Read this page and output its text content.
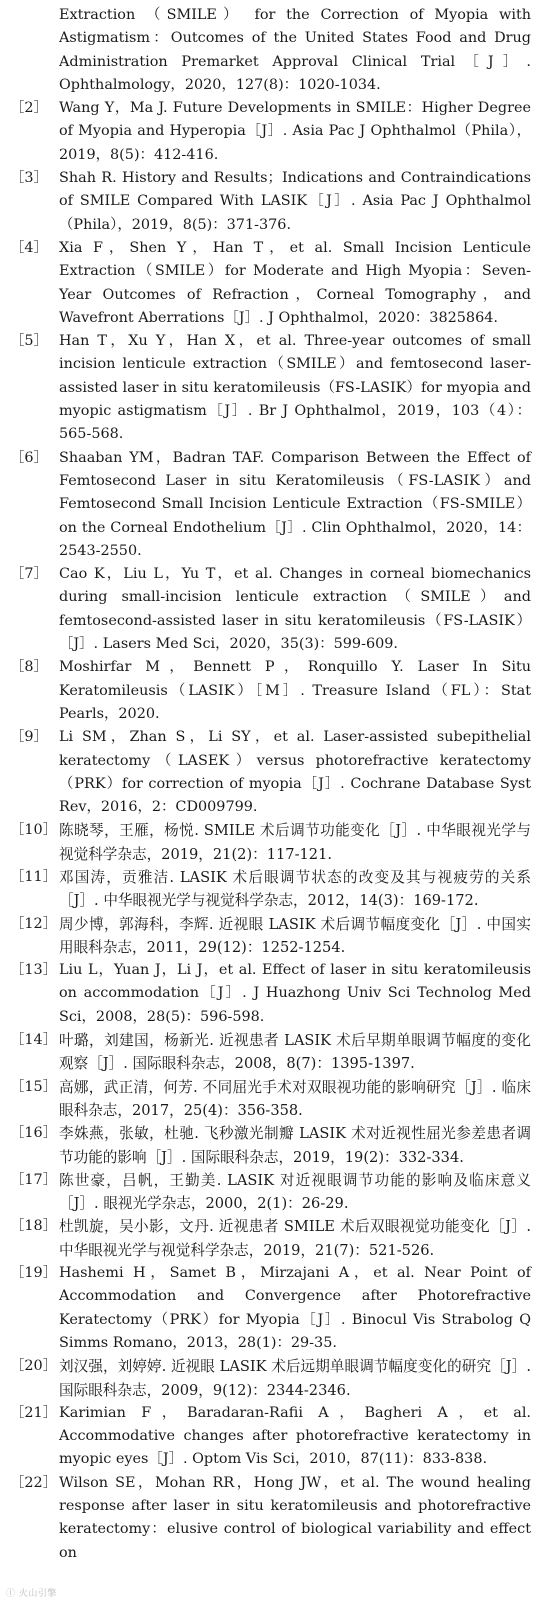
Extraction （SMILE） for the Correction of Myopia with Astigmatism：Outcomes of the United States Food and Drug Administration Premarket Approval Clinical Trial［J］. Ophthalmology，2020，127(8)：1020-1034.
［2］ Wang Y，Ma J. Future Developments in SMILE：Higher Degree of Myopia and Hyperopia［J］. Asia Pac J Ophthalmol（Phila），2019，8(5)：412-416.
［3］ Shah R. History and Results；Indications and Contraindications of SMILE Compared With LASIK［J］. Asia Pac J Ophthalmol（Phila），2019，8(5)：371-376.
［4］ Xia F，Shen Y，Han T，et al. Small Incision Lenticule Extraction（SMILE）for Moderate and High Myopia：Seven-Year Outcomes of Refraction，Corneal Tomography，and Wavefront Aberrations［J］. J Ophthalmol，2020：3825864.
［5］ Han T，Xu Y，Han X，et al. Three-year outcomes of small incision lenticule extraction（SMILE）and femtosecond laser-assisted laser in situ keratomileusis（FS-LASIK）for myopia and myopic astigmatism［J］. Br J Ophthalmol，2019，103（4）：565-568.
［6］ Shaaban YM，Badran TAF. Comparison Between the Effect of Femtosecond Laser in situ Keratomileusis（FS-LASIK）and Femtosecond Small Incision Lenticule Extraction（FS-SMILE）on the Corneal Endothelium［J］. Clin Ophthalmol，2020，14：2543-2550.
［7］ Cao K，Liu L，Yu T，et al. Changes in corneal biomechanics during small-incision lenticule extraction（SMILE）and femtosecond-assisted laser in situ keratomileusis（FS-LASIK）［J］. Lasers Med Sci，2020，35(3)：599-609.
［8］ Moshirfar M，Bennett P，Ronquillo Y. Laser In Situ Keratomileusis（LASIK）［M］. Treasure Island（FL）：Stat Pearls，2020.
［9］ Li SM，Zhan S，Li SY，et al. Laser-assisted subepithelial keratectomy（LASEK）versus photorefractive keratectomy（PRK）for correction of myopia［J］. Cochrane Database Syst Rev，2016，2：CD009799.
［10］ 陈晓琴，王雁，杨悦. SMILE 术后调节功能变化［J］. 中华眼视光学与视觉科学杂志，2019，21(2)：117-121.
［11］ 邓国涛，贡雅洁. LASIK 术后眼调节状态的改变及其与视疲劳的关系［J］. 中华眼视光学与视觉科学杂志，2012，14(3)：169-172.
［12］ 周少博，郭海科，李辉. 近视眼 LASIK 术后调节幅度变化［J］. 中国实用眼科杂志，2011，29(12)：1252-1254.
［13］ Liu L，Yuan J，Li J，et al. Effect of laser in situ keratomileusis on accommodation［J］. J Huazhong Univ Sci Technolog Med Sci，2008，28(5)：596-598.
［14］ 叶璐，刘建国，杨新光. 近视患者 LASIK 术后早期单眼调节幅度的变化观察［J］. 国际眼科杂志，2008，8(7)：1395-1397.
［15］ 高娜，武正清，何芳. 不同屈光手术对双眼视功能的影响研究［J］. 临床眼科杂志，2017，25(4)：356-358.
［16］ 李姝燕，张敏，杜驰. 飞秒激光制瓣 LASIK 术对近视性屈光参差患者调节功能的影响［J］. 国际眼科杂志，2019，19(2)：332-334.
［17］ 陈世豪，吕帆，王勤美. LASIK 对近视眼调节功能的影响及临床意义［J］. 眼视光学杂志，2000，2(1)：26-29.
［18］ 杜凯旋，吴小影，文丹. 近视患者 SMILE 术后双眼视觉功能变化［J］. 中华眼视光学与视觉科学杂志，2019，21(7)：521-526.
［19］ Hashemi H，Samet B，Mirzajani A，et al. Near Point of Accommodation and Convergence after Photorefractive Keratectomy（PRK）for Myopia［J］. Binocul Vis Strabolog Q Simms Romano，2013，28(1)：29-35.
［20］ 刘汉强，刘婷婷. 近视眼 LASIK 术后远期单眼调节幅度变化的研究［J］. 国际眼科杂志，2009，9(12)：2344-2346.
［21］ Karimian F，Baradaran-Rafii A，Bagheri A，et al. Accommodative changes after photorefractive keratectomy in myopic eyes［J］. Optom Vis Sci，2010，87(11)：833-838.
［22］ Wilson SE，Mohan RR，Hong JW，et al. The wound healing response after laser in situ keratomileusis and photorefractive keratectomy：elusive control of biological variability and effect on
ⓛ 火山引擎
